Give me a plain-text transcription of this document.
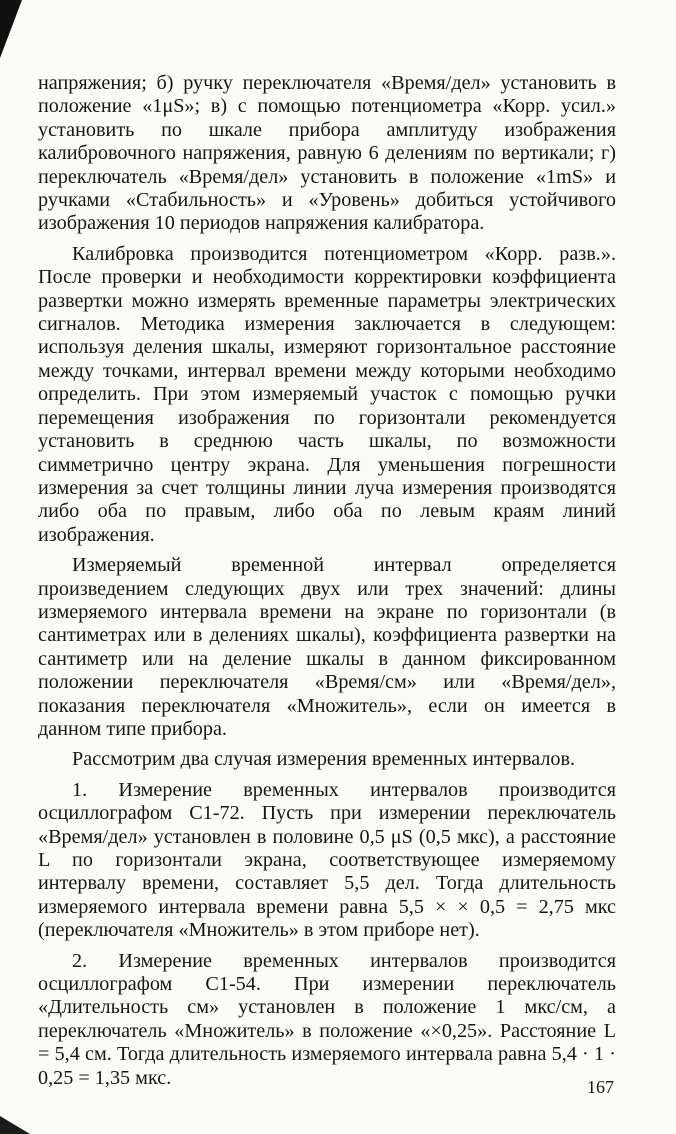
напряжения; б) ручку переключателя «Время/дел» установить в положение «1μS»; в) с помощью потенциометра «Корр. усил.» установить по шкале прибора амплитуду изображения калибровочного напряжения, равную 6 делениям по вертикали; г) переключатель «Время/дел» установить в положение «1mS» и ручками «Стабильность» и «Уровень» добиться устойчивого изображения 10 периодов напряжения калибратора.

Калибровка производится потенциометром «Корр. разв.». После проверки и необходимости корректировки коэффициента развертки можно измерять временные параметры электрических сигналов. Методика измерения заключается в следующем: используя деления шкалы, измеряют горизонтальное расстояние между точками, интервал времени между которыми необходимо определить. При этом измеряемый участок с помощью ручки перемещения изображения по горизонтали рекомендуется установить в среднюю часть шкалы, по возможности симметрично центру экрана. Для уменьшения погрешности измерения за счет толщины линии луча измерения производятся либо оба по правым, либо оба по левым краям линий изображения.

Измеряемый временной интервал определяется произведением следующих двух или трех значений: длины измеряемого интервала времени на экране по горизонтали (в сантиметрах или в делениях шкалы), коэффициента развертки на сантиметр или на деление шкалы в данном фиксированном положении переключателя «Время/см» или «Время/дел», показания переключателя «Множитель», если он имеется в данном типе прибора.

Рассмотрим два случая измерения временных интервалов.

1. Измерение временных интервалов производится осциллографом С1-72. Пусть при измерении переключатель «Время/дел» установлен в половине 0,5 μS (0,5 мкс), а расстояние L по горизонтали экрана, соответствующее измеряемому интервалу времени, составляет 5,5 дел. Тогда длительность измеряемого интервала времени равна 5,5 × × 0,5 = 2,75 мкс (переключателя «Множитель» в этом приборе нет).

2. Измерение временных интервалов производится осциллографом С1-54. При измерении переключатель «Длительность см» установлен в положение 1 мкс/см, а переключатель «Множитель» в положение «×0,25». Расстояние L = 5,4 см. Тогда длительность измеряемого интервала равна 5,4 · 1 · 0,25 = 1,35 мкс.	167
